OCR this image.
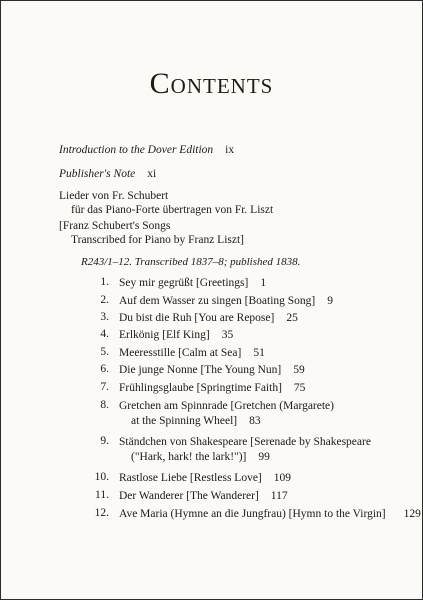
Contents
Introduction to the Dover Edition ix
Publisher's Note xi
Lieder von Fr. Schubert
für das Piano-Forte übertragen von Fr. Liszt
[Franz Schubert's Songs
Transcribed for Piano by Franz Liszt]
R243/1–12. Transcribed 1837–8; published 1838.
1. Sey mir gegrüßt [Greetings] 1
2. Auf dem Wasser zu singen [Boating Song] 9
3. Du bist die Ruh [You are Repose] 25
4. Erlkönig [Elf King] 35
5. Meeresstille [Calm at Sea] 51
6. Die junge Nonne [The Young Nun] 59
7. Frühlingsglaube [Springtime Faith] 75
8. Gretchen am Spinnrade [Gretchen (Margarete)
at the Spinning Wheel] 83
9. Ständchen von Shakespeare [Serenade by Shakespeare
("Hark, hark! the lark!")] 99
10. Rastlose Liebe [Restless Love] 109
11. Der Wanderer [The Wanderer] 117
12. Ave Maria (Hymne an die Jungfrau) [Hymn to the Virgin] 129
